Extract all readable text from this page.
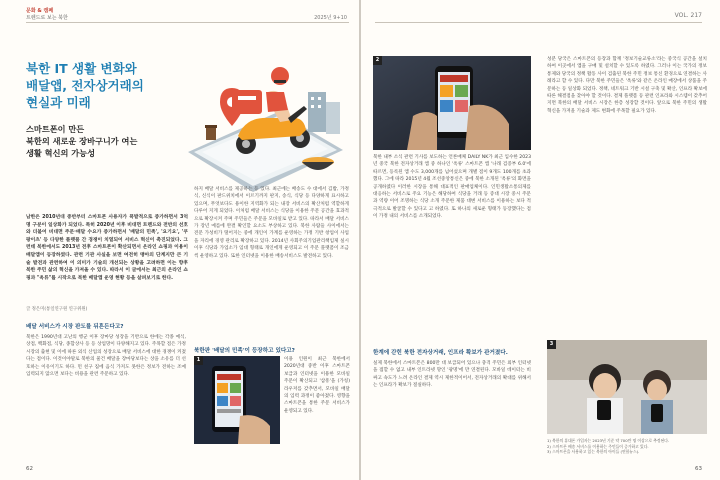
문화 & 캠페
트렌드로 보는 북한	2025년 9+10
북한 IT 생활 변화와
배달앱, 전자상거래의
현실과 미래
스마트폰이 만든
북한의 새로운 장바구니가 여는
생활 혁신의 가능성
남한은 2010년대 중반부터 스마트폰 사용자가 폭발적으로 증가하면서 3억명 구분이 일상화가 되었다. 특히 2020년 이후 비대면 트렌드와 전반의 선호와 더불어 비대면 주문·배달 수요가 증가하면서 '배달의 민족', '요기요', '쿠팡이츠' 등 다양한 플랫폼 간 경쟁이 치열되어 서비스 혁신이 촉진되었다. 그런데 북한에서도 2013년 전후 스마트폰이 확산되면서 온라인 쇼핑과 이용이 배달앱이 등장하였다. 관련 기관 사실을 보면 여전히 맹아의 단계지만 큰 기술 발전과 관련하여 이 의미가 기술의 개선되는 상황을 고려하면 이는 향후 북한 주민 삶의 혁신을 가져올 수 있다. 따라서 이 글에서는 최근의 온라인 쇼핑과 "옥류"를 시작으로 북한 배달앱 운영 현황 등을 살펴보기로 한다.
글 정은미(통일연구원 연구위원)
배달 서비스가 시장 판도를 뒤흔든다고?
북한은 1990년대 고난의 행군 이후 장마당 성장을 기반으로 한에는 각종 예식, 상점, 백화점, 식당, 종합상사 등 등 상업망이 다양해지고 있다. 주목할 점은 가정 시장의 출현 및 이에 따른 외식 산업의 성장으로 배달 서비스에 대한 경쟁이 커졌다는 점이다. 이것이야말로 북한의 물건 배달을 장마당보다는 상을 소유를 더 선호하는 이유이기도 하다. 먼 친구 집에 음식 가져도 못한은 정보가 전하는 조예 입력되지 않으면 보다는 비용을 관련 주문하고 있다.
하지 배달 서비스를 제공하는 등 있다. 최근에는 배송도 수 대에서 김밥, 가정식, 신식이 판드위치에서 이르기까지 판지, 송식, 식당 등 다양하게 표시하고 있으며, 무엇보다도 용이한 지역화가 되는 내장 서비스의 확산처럼 역할하게 다루어 지게 되었다. 이처럼 배달 서비스는 식당을 이용한 주문 공간을 효과적으로 확장시켜 주며 주민들은 주문을 모바일로 받고 있다. 따라서 배달 서비스가 장년 예를에 완결 확인할 요소도 부상하고 있다. 북한 사람들 사이에서는 전문 가성비가 떨어지는 중에 개인이 가계를 운영하는 가정 기반 창업이 사업을 자리에 경영 관리로 확장하고 있다. 2014년 사회주의기업관리책임제 실시 이후 식당과 가업소가 임대 형태로 개인에게 운영되고 이 주문 플랫폼이 조금씩 운영하고 있다. 또한 인터넷을 이용한 배송서비스도 발전하고 있다.
북한판 '배달의 민족'이 등장하고 있다고?
1	이용 인원이 최근 북한에서 2020년대 중반 이후 스마트폰 보급과 인터넷을 이용한 모바일 주문이 확산되고 '삼흥'을 (가칭) 라우저를 갖추면서, 모바일 배달의 입력 과정이 좋아졌다. 영향을 스마트폰을 통한 주문 서비스가 운영되고 있다.
62
VOL. 217
2
북한 내부 소식 관련 기사를 보도하는 언론매체 DAILY NK가 최근 입수한 2023년 중국 북한 전자상거래 앱 중 하나인 '옥류' 스마트폰 앱 '나래 검증부 6.0'에 따르면, 등록된 앱 수도 3,000개를 넘어섰으며 개별 점이 9개도 100개를 초과했다. 그에 따라 2015년 4월 조선중앙통신은 중에 북한 소개된 '옥류'의 화면을 공개하였다 이러한 시장을 통해 대표적인 판매업체이다. 인민생활소통의제를 대응하는 서비스로 주요 기능은 해당하여 식당을 거래 등 증대 시장 중시 주문과 역량 이어 조명하는 식당 소개 주문한 제품 대변 서비스를 이용하는 보다 적극적으로 발굴할 수 있다고 고 하였다. 또 하나의 새로운 형태가 등장했다는 점이 가정 내의 서비스를 소개되었다.
한계에 갇힌 북한 전자상거래, 인프라 확보가 관거졌다.
실제 북한에서 스마트폰은 800만 대 보급되어 있으나 충격 주민은 외부 인터넷을 접할 수 없고 내부 인트라넷 망인 '광명'에 만 연결된다. 모바일 데이터는 비싸고 속도가 느려 온라인 결제 역시 제한적이어서, 전자상거래의 확대를 위해서는 인프라가 확보가 절실하다.
성분 당국은 스마트폰의 등장과 함께 '정보기술교류소'라는 중국식 공간을 설치하여 이곳에서 앱을 구매 및 설치할 수 있도록 하였다. 그러나 이는 국가의 정보 통제와 당국의 정책 활동 사이 검출된 북한 주민 정보 통신 환경으로 연결하는 사례라고 할 수 있다. 다만 북한 주민들은 '옥류'와 같은 온라인 매장에서 상품을 주문하는 등 일상화 되었다. 정책, 네트워크 기반 시설 구축 및 확산, 인프라 확보에 따른 해결점을 찾아야 할 것이다. 결제 플랫폼 등 관련 인프라와 시스템이 갖추어지면 북한의 배달 서비스 시장은 한층 성장할 것이다. 앞으로 북한 주민의 생활 혁신을 가져올 기술과 제도 변화에 주목할 필요가 있다.
3
1) 북한의 휴대폰 가입자는 2023년 기준 약 700만 명 이상으로 추정된다.
2) 스마트폰 배송 서비스를 이용하는 주민들이 증가하고 있다.
3) 스마트폰을 사용하고 있는 북한의 아이들 (연합뉴스).
63
